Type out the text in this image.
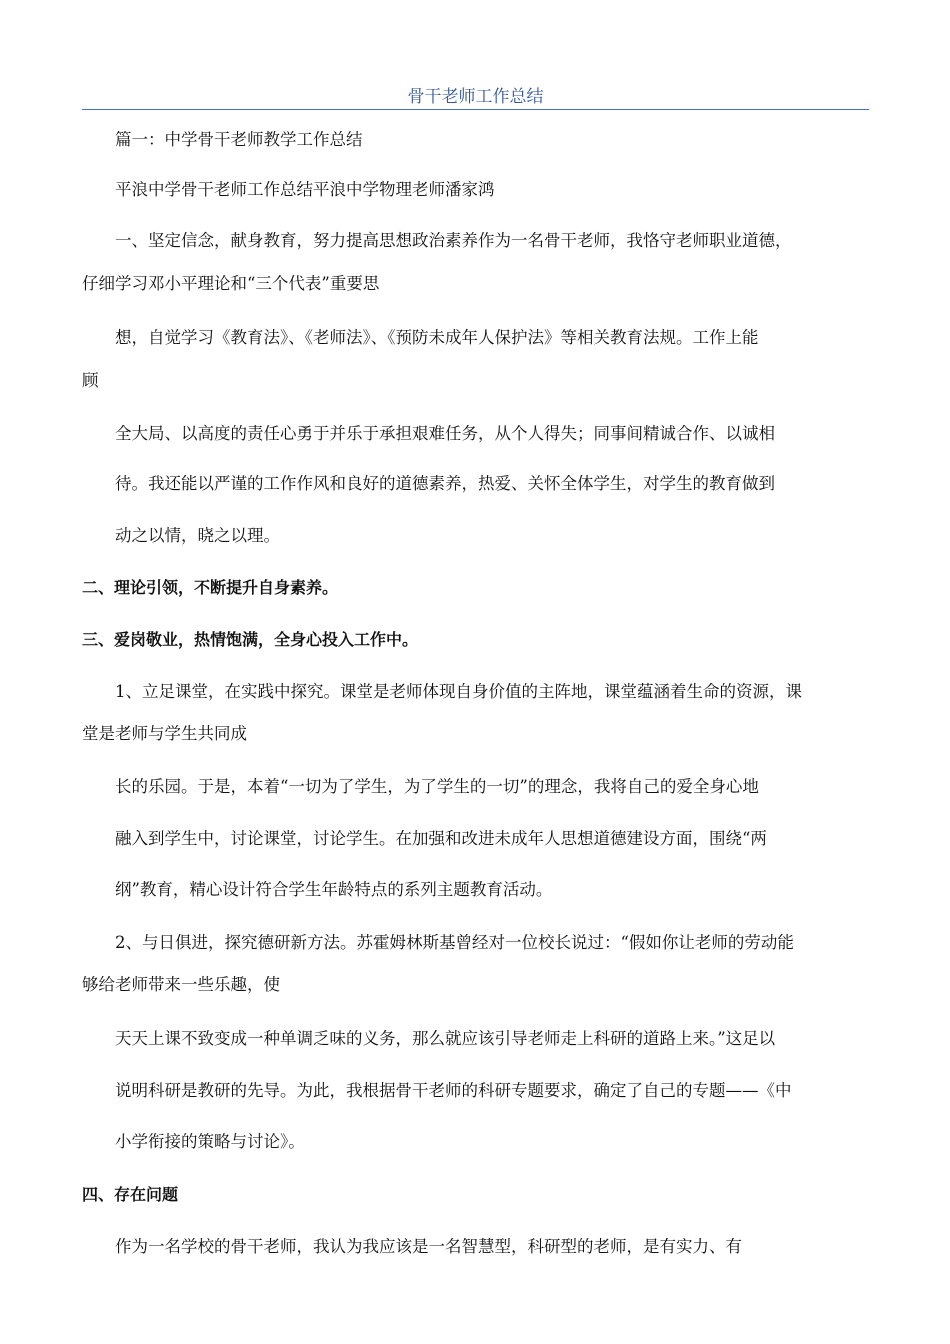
骨干老师工作总结
篇一：中学骨干老师教学工作总结
平浪中学骨干老师工作总结平浪中学物理老师潘家鸿
一、坚定信念，献身教育，努力提高思想政治素养作为一名骨干老师，我恪守老师职业道德，
仔细学习邓小平理论和“三个代表”重要思
想，自觉学习《教育法》、《老师法》、《预防未成年人保护法》等相关教育法规。工作上能
顾
全大局、以高度的责任心勇于并乐于承担艰难任务，从个人得失；同事间精诚合作、以诚相
待。我还能以严谨的工作作风和良好的道德素养，热爱、关怀全体学生，对学生的教育做到
动之以情，晓之以理。
二、理论引领，不断提升自身素养。
三、爱岗敬业，热情饱满，全身心投入工作中。
1、立足课堂，在实践中探究。课堂是老师体现自身价值的主阵地，课堂蕴涵着生命的资源，课
堂是老师与学生共同成
长的乐园。于是，本着“一切为了学生，为了学生的一切”的理念，我将自己的爱全身心地
融入到学生中，讨论课堂，讨论学生。在加强和改进未成年人思想道德建设方面，围绕“两
纲”教育，精心设计符合学生年龄特点的系列主题教育活动。
2、与日俱进，探究德研新方法。苏霍姆林斯基曾经对一位校长说过：“假如你让老师的劳动能
够给老师带来一些乐趣，使
天天上课不致变成一种单调乏味的义务，那么就应该引导老师走上科研的道路上来。”这足以
说明科研是教研的先导。为此，我根据骨干老师的科研专题要求，确定了自己的专题——《中
小学衔接的策略与讨论》。
四、存在问题
作为一名学校的骨干老师，我认为我应该是一名智慧型，科研型的老师，是有实力、有
